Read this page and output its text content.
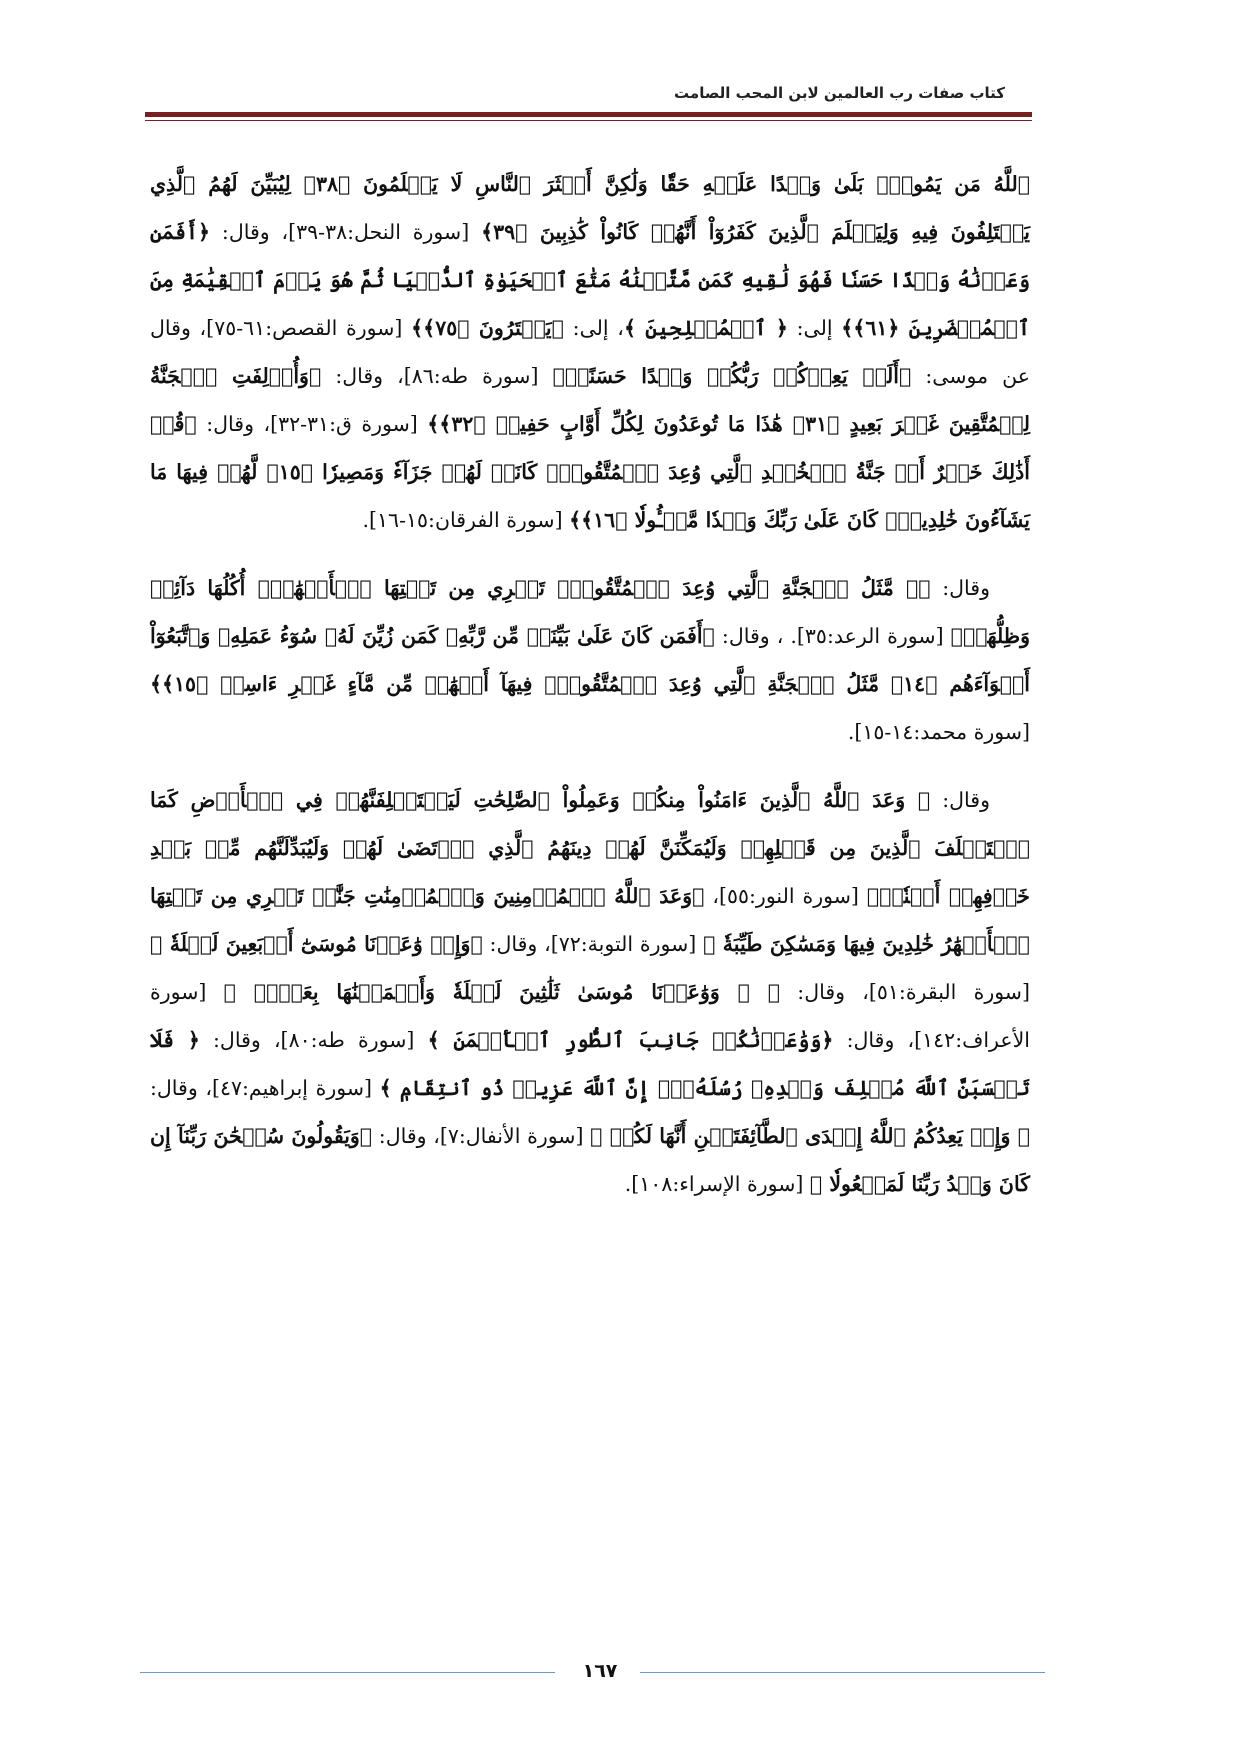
كتاب صفات رب العالمين لابن المحب الصامت

ٱللَّهُ مَن يَمُوتُۚ بَلَىٰ وَعۡدًا عَلَيۡهِ حَقّٗا وَلَٰكِنَّ أَكۡثَرَ ٱلنَّاسِ لَا يَعۡلَمُونَ ﴿٣٨﴾ لِيُبَيِّنَ لَهُمُ ٱلَّذِي يَخۡتَلِفُونَ فِيهِ وَلِيَعۡلَمَ ٱلَّذِينَ كَفَرُوٓاْ أَنَّهُمۡ كَانُواْ كَٰذِبِينَ ﴿٣٩﴾ [سورة النحل:٣٨-٣٩]، وقال: ﴿أَفَمَن وَعَدۡنَٰهُ وَعۡدًا حَسَنٗا فَهُوَ لَٰقِيهِ كَمَن مَّتَّعۡنَٰهُ مَتَٰعَ ٱلۡحَيَوٰةِ ٱلدُّنۡيَا ثُمَّ هُوَ يَوۡمَ ٱلۡقِيَٰمَةِ مِنَ ٱلۡمُحۡضَرِينَ ﴿٦١﴾﴾ إلى: ﴿ ٱلۡمُفۡلِحِينَ ﴾، إلى: ﴿يَفۡتَرُونَ ﴿٧٥﴾﴾ [سورة القصص:٦١-٧٥]، وقال عن موسى: ﴿أَلَمۡ يَعِدۡكُمۡ رَبُّكُمۡ وَعۡدًا حَسَنًاۚ﴾ [سورة طه:٨٦]، وقال: ﴿وَأُزۡلِفَتِ ٱلۡجَنَّةُ لِلۡمُتَّقِينَ غَيۡرَ بَعِيدٍ ﴿٣١﴾ هَٰذَا مَا تُوعَدُونَ لِكُلِّ أَوَّابٍ حَفِيظٖ ﴿٣٢﴾﴾ [سورة ق:٣١-٣٢]، وقال: ﴿قُلۡ أَذَٰلِكَ خَيۡرٌ أَمۡ جَنَّةُ ٱلۡخُلۡدِ ٱلَّتِي وُعِدَ ٱلۡمُتَّقُونَۚ كَانَتۡ لَهُمۡ جَزَآءٗ وَمَصِيرٗا ﴿١٥﴾ لَّهُمۡ فِيهَا مَا يَشَآءُونَ خَٰلِدِينَۚ كَانَ عَلَىٰ رَبِّكَ وَعۡدٗا مَّسۡـُٔولٗا ﴿١٦﴾﴾ [سورة الفرقان:١٥-١٦].

وقال: ﴿۞ مَّثَلُ ٱلۡجَنَّةِ ٱلَّتِي وُعِدَ ٱلۡمُتَّقُونَۖ تَجۡرِي مِن تَحۡتِهَا ٱلۡأَنۡهَٰرُۖ أُكُلُهَا دَآئِمٞ وَظِلُّهَاۚ﴾ [سورة الرعد:٣٥]. ، وقال: ﴿أَفَمَن كَانَ عَلَىٰ بَيِّنَةٖ مِّن رَّبِّهِۦ كَمَن زُيِّنَ لَهُۥ سُوٓءُ عَمَلِهِۦ وَٱتَّبَعُوٓاْ أَهۡوَآءَهُم ﴿١٤﴾ مَّثَلُ ٱلۡجَنَّةِ ٱلَّتِي وُعِدَ ٱلۡمُتَّقُونَۖ فِيهَآ أَنۡهَٰرٞ مِّن مَّآءٍ غَيۡرِ ءَاسِنٖ ﴿١٥﴾﴾ [سورة محمد:١٤-١٥].

وقال: ﴿ وَعَدَ ٱللَّهُ ٱلَّذِينَ ءَامَنُواْ مِنكُمۡ وَعَمِلُواْ ٱلصَّٰلِحَٰتِ لَيَسۡتَخۡلِفَنَّهُمۡ فِي ٱلۡأَرۡضِ كَمَا ٱسۡتَخۡلَفَ ٱلَّذِينَ مِن قَبۡلِهِمۡ وَلَيُمَكِّنَنَّ لَهُمۡ دِينَهُمُ ٱلَّذِي ٱرۡتَضَىٰ لَهُمۡ وَلَيُبَدِّلَنَّهُم مِّنۢ بَعۡدِ خَوۡفِهِمۡ أَمۡنٗاۚ﴾ [سورة النور:٥٥]، ﴿وَعَدَ ٱللَّهُ ٱلۡمُؤۡمِنِينَ وَٱلۡمُؤۡمِنَٰتِ جَنَّٰتٖ تَجۡرِي مِن تَحۡتِهَا ٱلۡأَنۡهَٰرُ خَٰلِدِينَ فِيهَا وَمَسَٰكِنَ طَيِّبَةٗ ﴾ [سورة التوبة:٧٢]، وقال: ﴿وَإِذۡ وَٰعَدۡنَا مُوسَىٰٓ أَرۡبَعِينَ لَيۡلَةٗ ﴾ [سورة البقرة:٥١]، وقال: ﴿ ۞ وَوَٰعَدۡنَا مُوسَىٰ ثَلَٰثِينَ لَيۡلَةٗ وَأَتۡمَمۡنَٰهَا بِعَشۡرٖ ﴾ [سورة الأعراف:١٤٢]، وقال: ﴿وَوَٰعَدۡنَٰكُمۡ جَانِبَ ٱلطُّورِ ٱلۡأَيۡمَنَ ﴾ [سورة طه:٨٠]، وقال: ﴿ فَلَا تَحۡسَبَنَّ ٱللَّهَ مُخۡلِفَ وَعۡدِهِۦ رُسُلَهُۥٓۚ إِنَّ ٱللَّهَ عَزِيزٞ ذُو ٱنتِقَامٖ ﴾ [سورة إبراهيم:٤٧]، وقال: ﴿ وَإِذۡ يَعِدُكُمُ ٱللَّهُ إِحۡدَى ٱلطَّآئِفَتَيۡنِ أَنَّهَا لَكُمۡ ﴾ [سورة الأنفال:٧]، وقال: ﴿وَيَقُولُونَ سُبۡحَٰنَ رَبِّنَآ إِن كَانَ وَعۡدُ رَبِّنَا لَمَفۡعُولٗا ﴾ [سورة الإسراء:١٠٨].

١٦٧
